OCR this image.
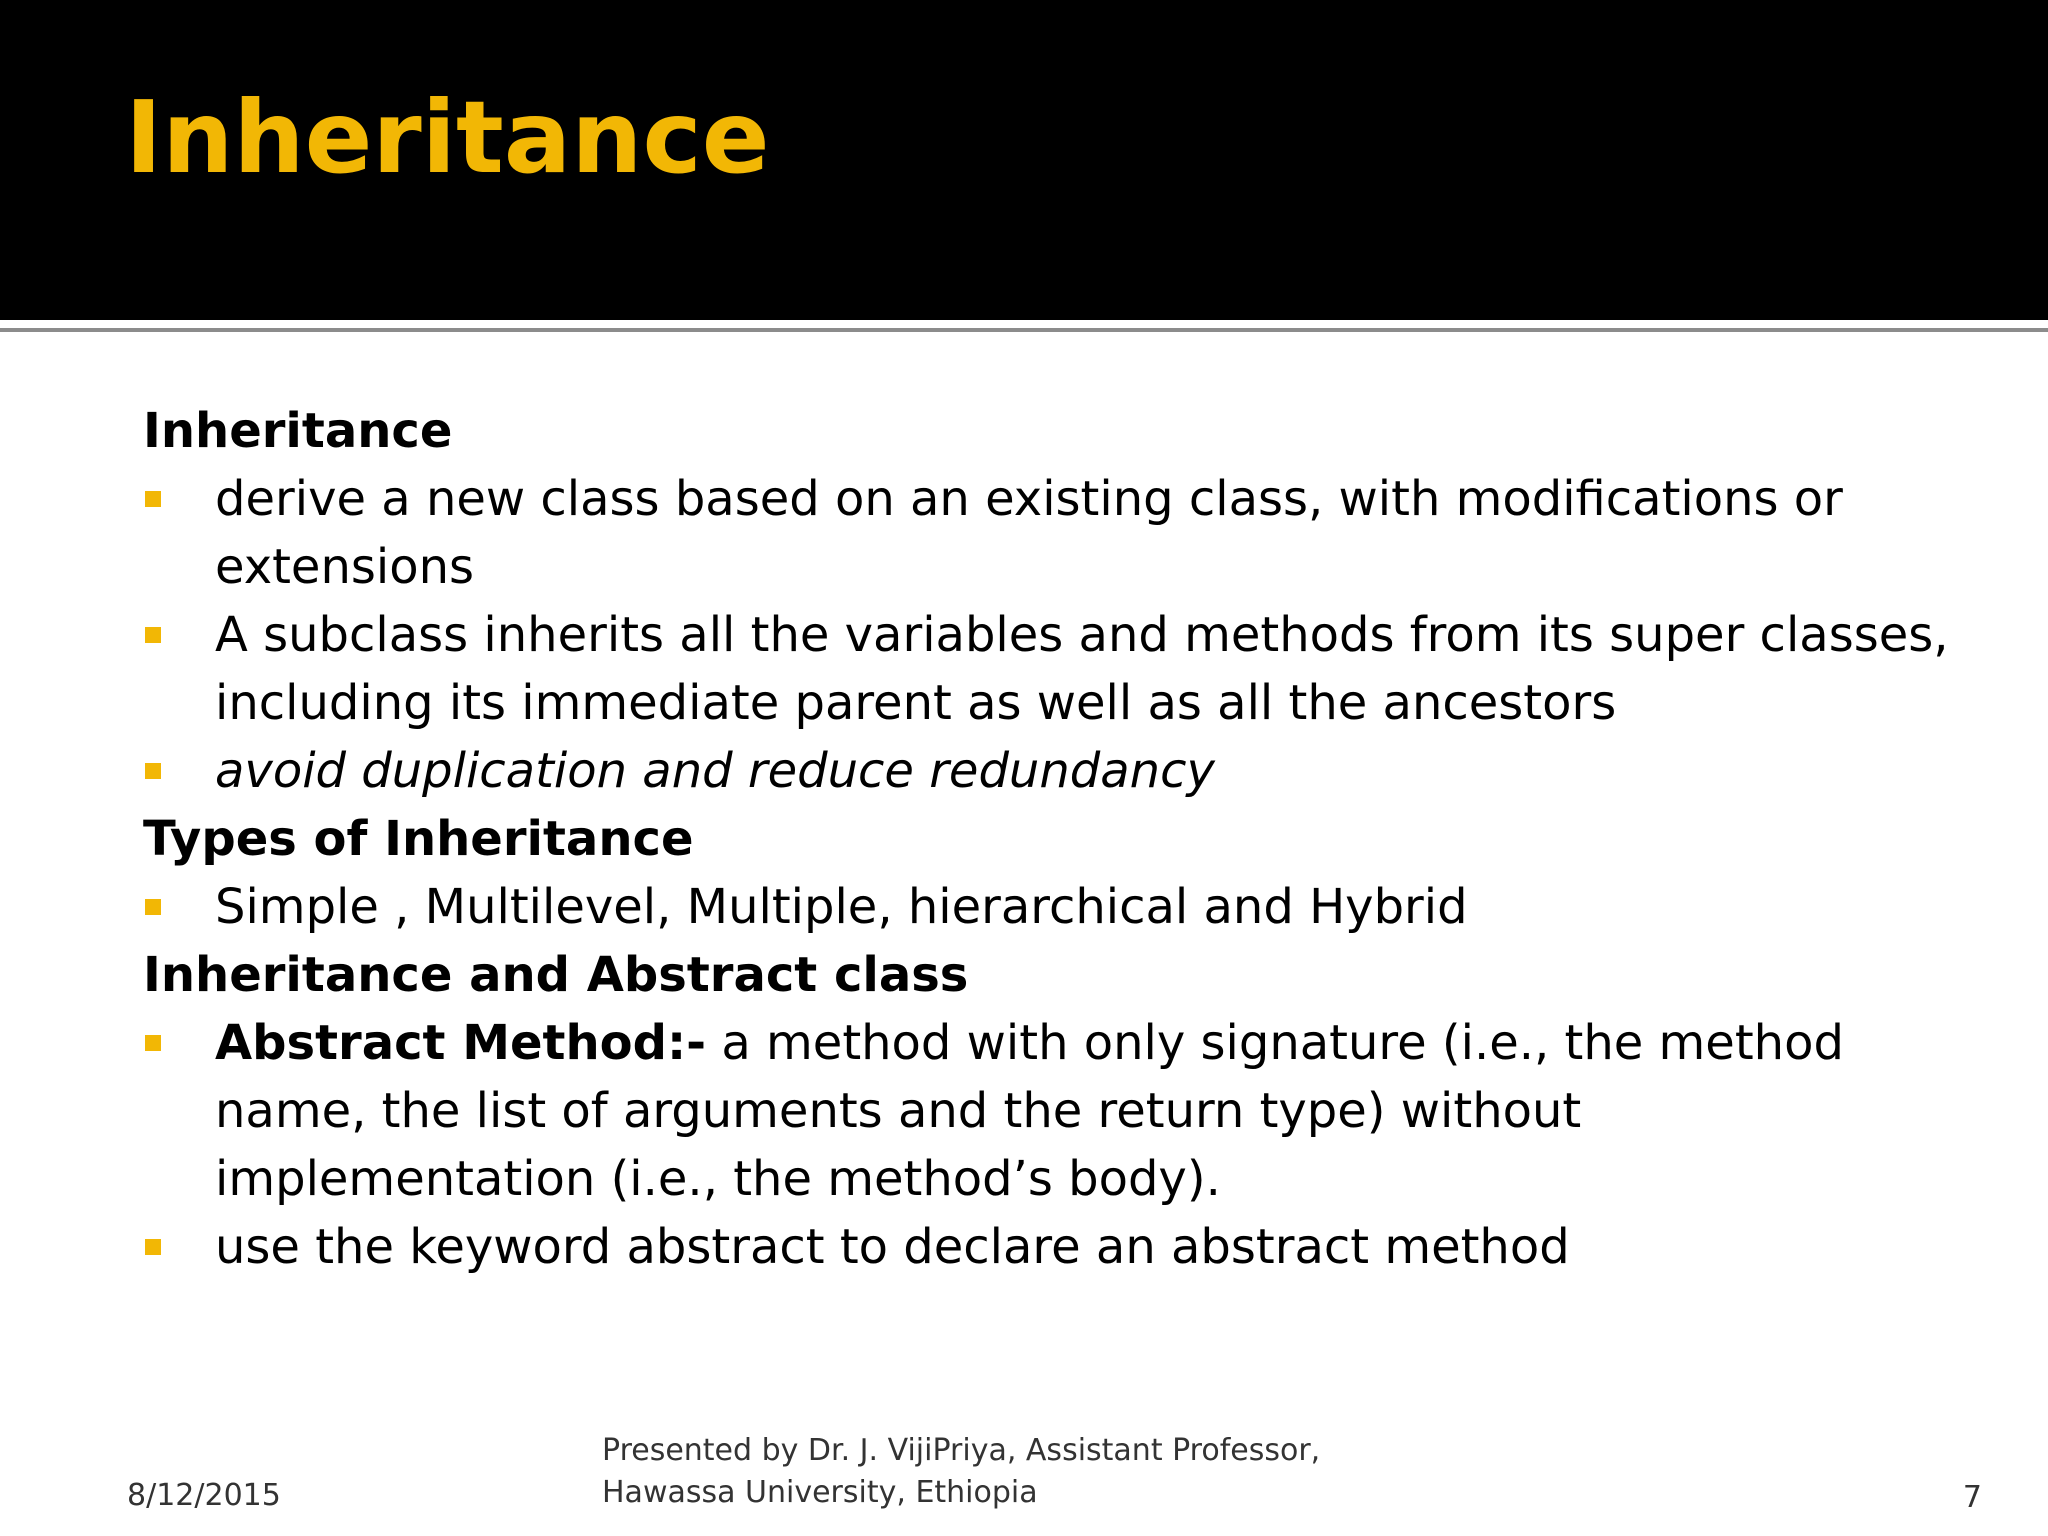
Inheritance
Inheritance
derive a new class based on an existing class, with modifications or extensions
A subclass inherits all the variables and methods from its super classes, including its immediate parent as well as all the ancestors
avoid duplication and reduce redundancy
Types of Inheritance
Simple , Multilevel, Multiple, hierarchical and Hybrid
Inheritance and Abstract class
Abstract Method:- a method with only signature (i.e., the method name, the list of arguments and the return type) without implementation (i.e., the method’s body).
use the keyword abstract to declare an abstract method
8/12/2015
Presented by Dr. J. VijiPriya, Assistant Professor,
Hawassa University, Ethiopia	7
